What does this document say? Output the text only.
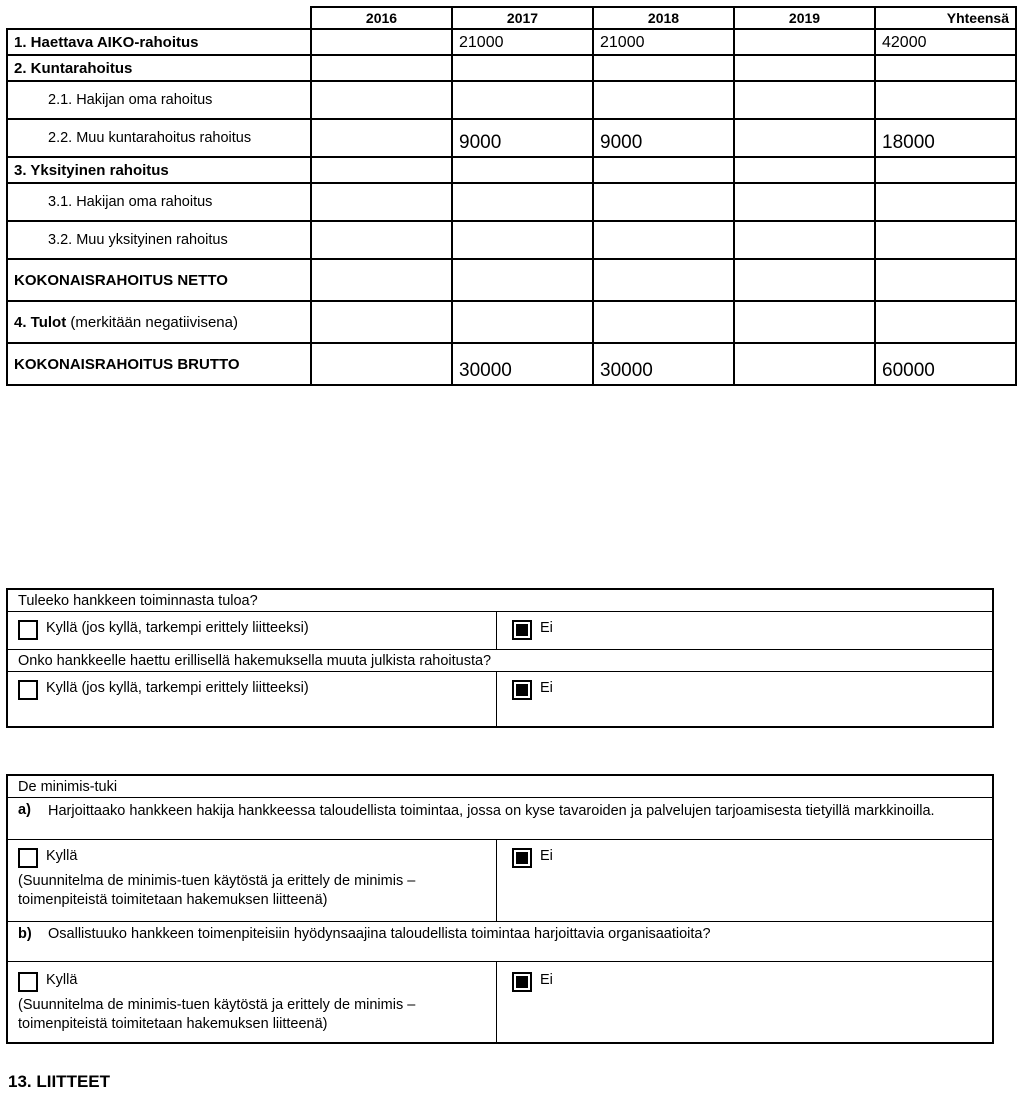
	2016	2017	2018	2019	Yhteensä
1. Haettava AIKO-rahoitus		21000	21000		42000
2. Kuntarahoitus					
2.1. Hakijan oma rahoitus					
2.2. Muu kuntarahoitus rahoitus		9000	9000		18000
3. Yksityinen rahoitus					
3.1. Hakijan oma rahoitus					
3.2. Muu yksityinen rahoitus					
KOKONAISRAHOITUS NETTO					
4. Tulot (merkitään negatiivisena)					
KOKONAISRAHOITUS BRUTTO		30000	30000		60000
Tuleeko hankkeen toiminnasta tuloa?
Kyllä (jos kyllä, tarkempi erittely liitteeksi)	Ei
Onko hankkeelle haettu erillisellä hakemuksella muuta julkista rahoitusta?
Kyllä (jos kyllä, tarkempi erittely liitteeksi)	Ei
De minimis-tuki
a) Harjoittaako hankkeen hakija hankkeessa taloudellista toimintaa, jossa on kyse tavaroiden ja palvelujen tarjoamisesta tietyillä markkinoilla.
Kyllä
(Suunnitelma de minimis-tuen käytöstä ja erittely de minimis –toimenpiteistä toimitetaan hakemuksen liitteenä)
Ei
b) Osallistuuko hankkeen toimenpiteisiin hyödynsaajina taloudellista toimintaa harjoittavia organisaatioita?
Kyllä
(Suunnitelma de minimis-tuen käytöstä ja erittely de minimis –toimenpiteistä toimitetaan hakemuksen liitteenä)
Ei
13. LIITTEET
